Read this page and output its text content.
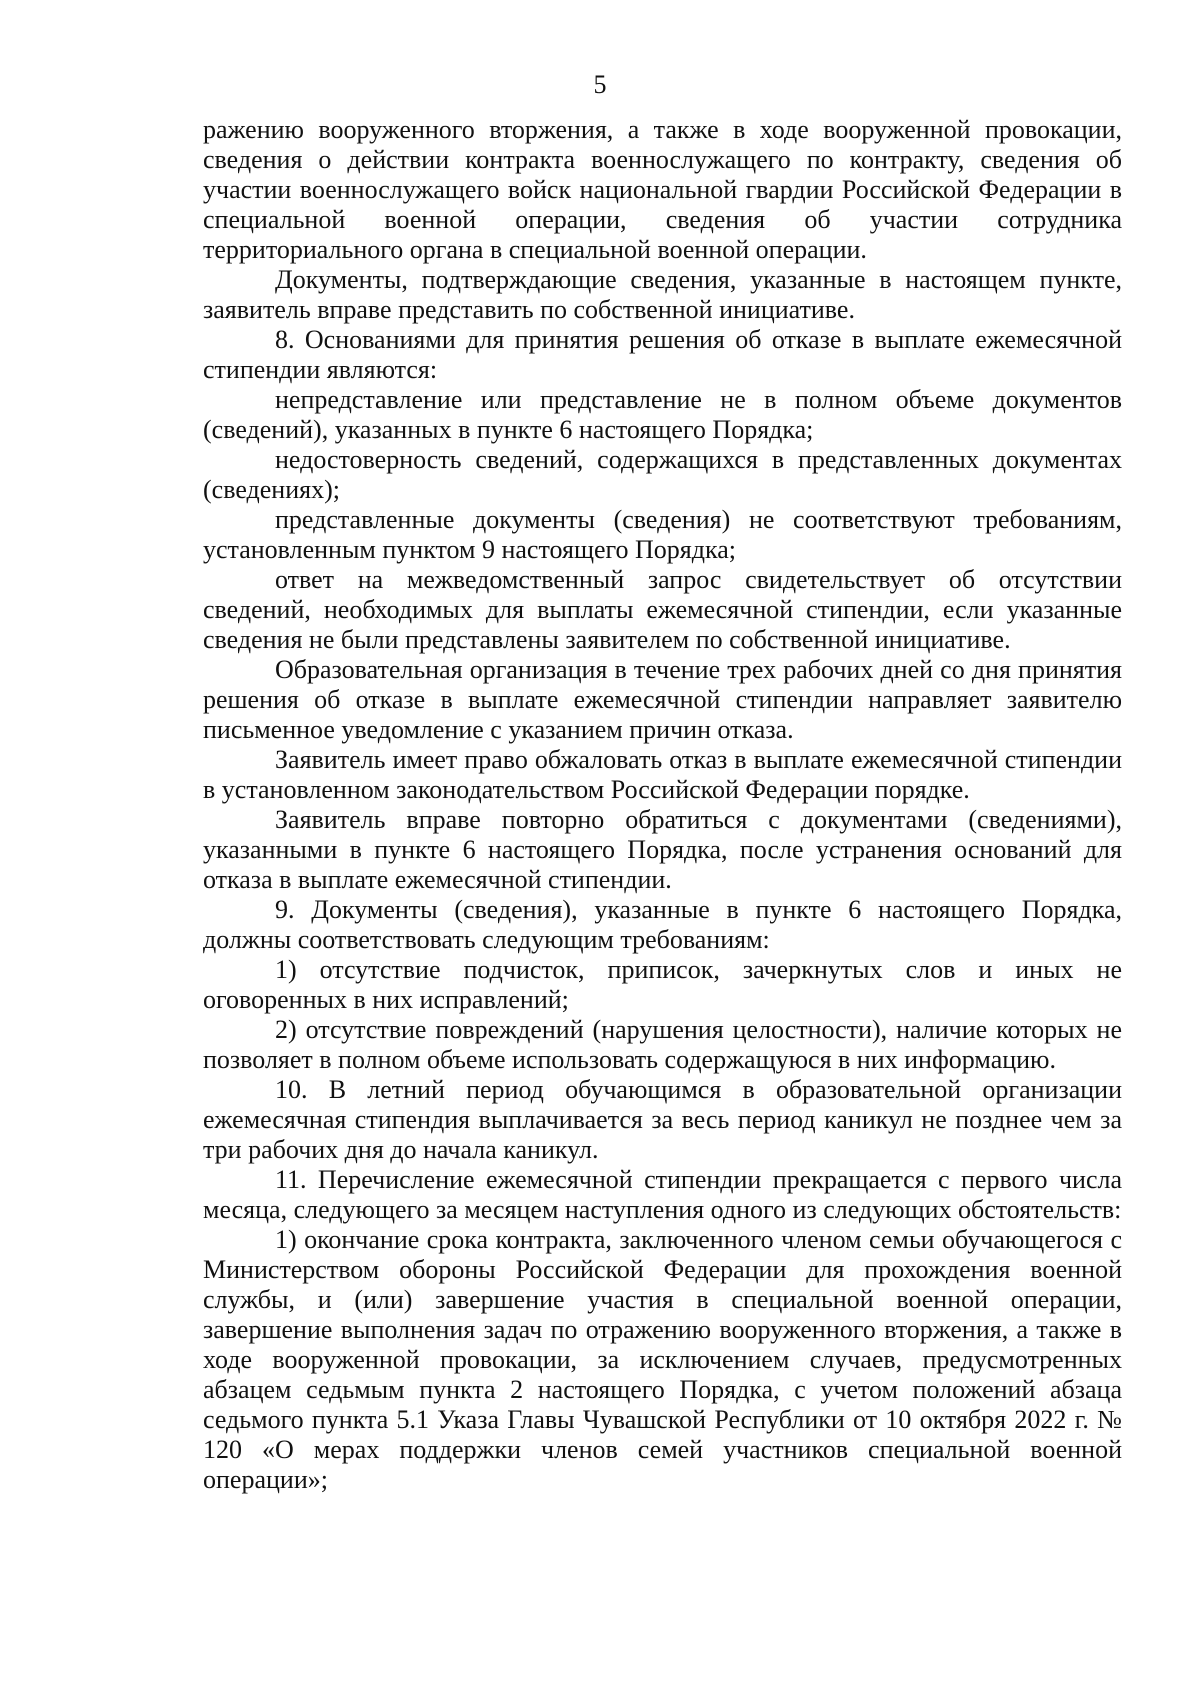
5

ражению вооруженного вторжения, а также в ходе вооруженной провокации, сведения о действии контракта военнослужащего по контракту, сведения об участии военнослужащего войск национальной гвардии Российской Федерации в специальной военной операции, сведения об участии сотрудника территориального органа в специальной военной операции.

Документы, подтверждающие сведения, указанные в настоящем пункте, заявитель вправе представить по собственной инициативе.

8. Основаниями для принятия решения об отказе в выплате ежемесячной стипендии являются:

непредставление или представление не в полном объеме документов (сведений), указанных в пункте 6 настоящего Порядка;

недостоверность сведений, содержащихся в представленных документах (сведениях);

представленные документы (сведения) не соответствуют требованиям, установленным пунктом 9 настоящего Порядка;

ответ на межведомственный запрос свидетельствует об отсутствии сведений, необходимых для выплаты ежемесячной стипендии, если указанные сведения не были представлены заявителем по собственной инициативе.

Образовательная организация в течение трех рабочих дней со дня принятия решения об отказе в выплате ежемесячной стипендии направляет заявителю письменное уведомление с указанием причин отказа.

Заявитель имеет право обжаловать отказ в выплате ежемесячной стипендии в установленном законодательством Российской Федерации порядке.

Заявитель вправе повторно обратиться с документами (сведениями), указанными в пункте 6 настоящего Порядка, после устранения оснований для отказа в выплате ежемесячной стипендии.

9. Документы (сведения), указанные в пункте 6 настоящего Порядка, должны соответствовать следующим требованиям:

1) отсутствие подчисток, приписок, зачеркнутых слов и иных не оговоренных в них исправлений;

2) отсутствие повреждений (нарушения целостности), наличие которых не позволяет в полном объеме использовать содержащуюся в них информацию.

10. В летний период обучающимся в образовательной организации ежемесячная стипендия выплачивается за весь период каникул не позднее чем за три рабочих дня до начала каникул.

11. Перечисление ежемесячной стипендии прекращается с первого числа месяца, следующего за месяцем наступления одного из следующих обстоятельств:

1) окончание срока контракта, заключенного членом семьи обучающегося с Министерством обороны Российской Федерации для прохождения военной службы, и (или) завершение участия в специальной военной операции, завершение выполнения задач по отражению вооруженного вторжения, а также в ходе вооруженной провокации, за исключением случаев, предусмотренных абзацем седьмым пункта 2 настоящего Порядка, с учетом положений абзаца седьмого пункта 5.1 Указа Главы Чувашской Республики от 10 октября 2022 г. № 120 «О мерах поддержки членов семей участников специальной военной операции»;
